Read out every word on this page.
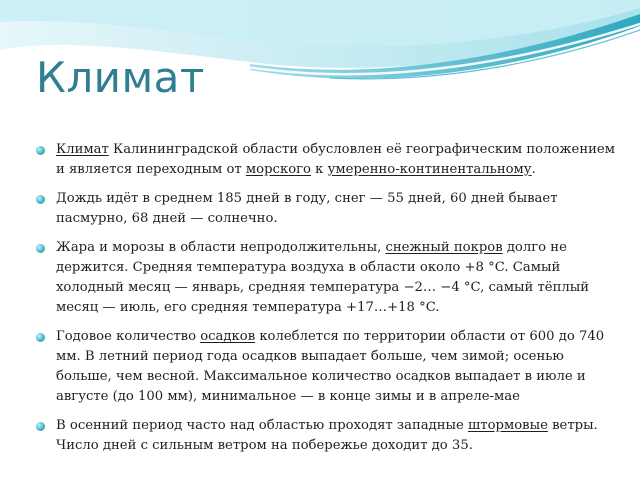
Климат
Климат Калининградской области обусловлен её географическим положением и является переходным от морского к умеренно-континентальному.
Дождь идёт в среднем 185 дней в году, снег — 55 дней, 60 дней бывает пасмурно, 68 дней — солнечно.
Жара и морозы в области непродолжительны, снежный покров долго не держится. Средняя температура воздуха в области около +8 °C. Самый холодный месяц — январь, средняя температура −2… −4 °C, самый тёплый месяц — июль, его средняя температура +17…+18 °C.
Годовое количество осадков колеблется по территории области от 600 до 740 мм. В летний период года осадков выпадает больше, чем зимой; осенью больше, чем весной. Максимальное количество осадков выпадает в июле и августе (до 100 мм), минимальное — в конце зимы и в апреле-мае
В осенний период часто над областью проходят западные штормовые ветры. Число дней с сильным ветром на побережье доходит до 35.
